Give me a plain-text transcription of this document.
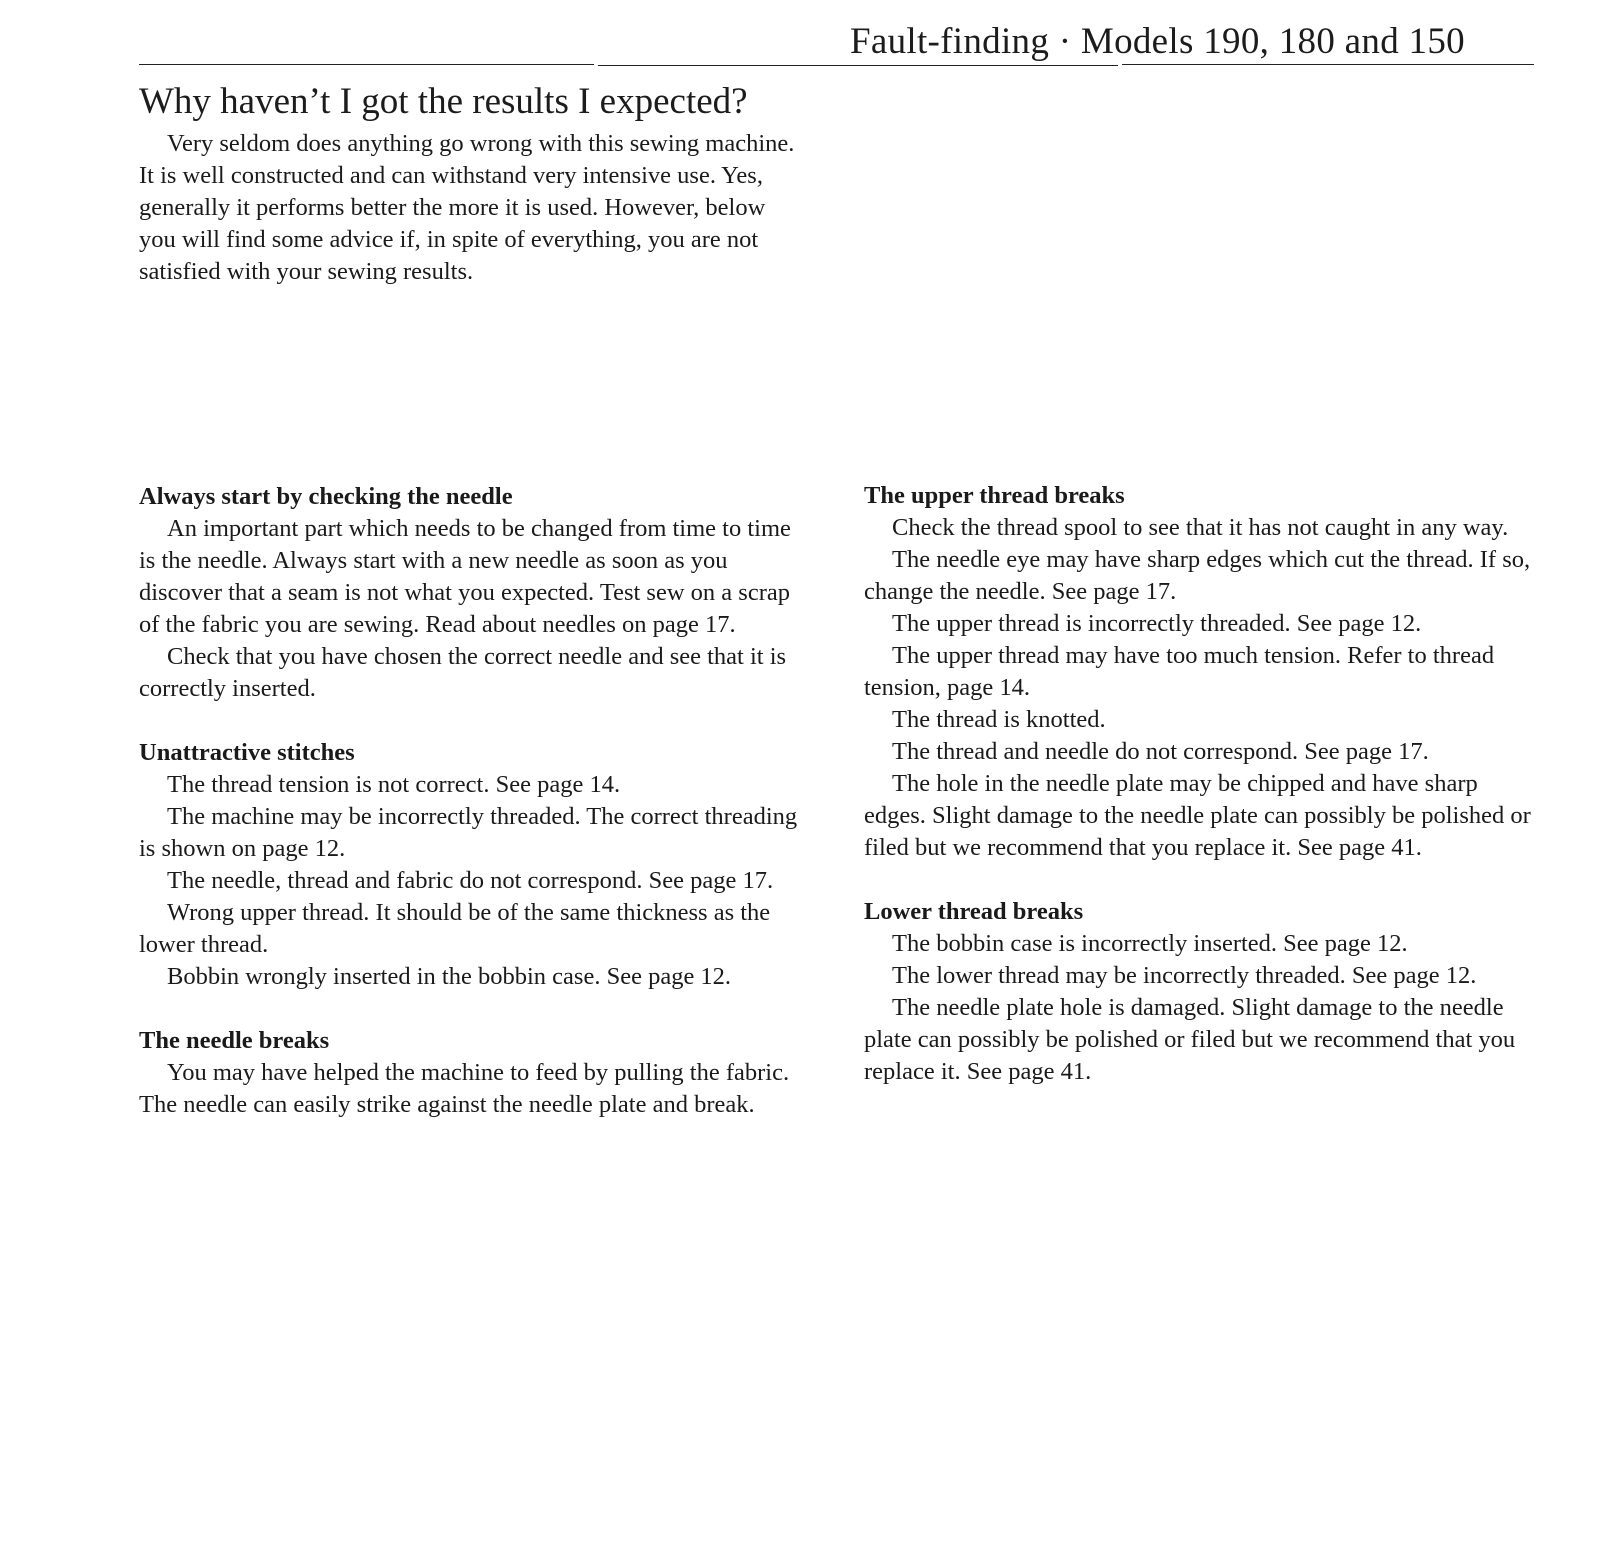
Fault-finding · Models 190, 180 and 150
Why haven’t I got the results I expected?

Very seldom does anything go wrong with this sewing machine. It is well constructed and can withstand very intensive use. Yes, generally it performs better the more it is used. However, below you will find some advice if, in spite of everything, you are not satisfied with your sewing results.

Always start by checking the needle

An important part which needs to be changed from time to time is the needle. Always start with a new needle as soon as you discover that a seam is not what you expected. Test sew on a scrap of the fabric you are sewing. Read about needles on page 17.

Check that you have chosen the correct needle and see that it is correctly inserted.

Unattractive stitches

The thread tension is not correct. See page 14.

The machine may be incorrectly threaded. The correct threading is shown on page 12.

The needle, thread and fabric do not correspond. See page 17.

Wrong upper thread. It should be of the same thickness as the lower thread.

Bobbin wrongly inserted in the bobbin case. See page 12.

The needle breaks

You may have helped the machine to feed by pulling the fabric. The needle can easily strike against the needle plate and break.

The upper thread breaks

Check the thread spool to see that it has not caught in any way.

The needle eye may have sharp edges which cut the thread. If so, change the needle. See page 17.

The upper thread is incorrectly threaded. See page 12.

The upper thread may have too much tension. Refer to thread tension, page 14.

The thread is knotted.

The thread and needle do not correspond. See page 17.

The hole in the needle plate may be chipped and have sharp edges. Slight damage to the needle plate can possibly be polished or filed but we recommend that you replace it. See page 41.

Lower thread breaks

The bobbin case is incorrectly inserted. See page 12.

The lower thread may be incorrectly threaded. See page 12.

The needle plate hole is damaged. Slight damage to the needle plate can possibly be polished or filed but we recommend that you replace it. See page 41.
